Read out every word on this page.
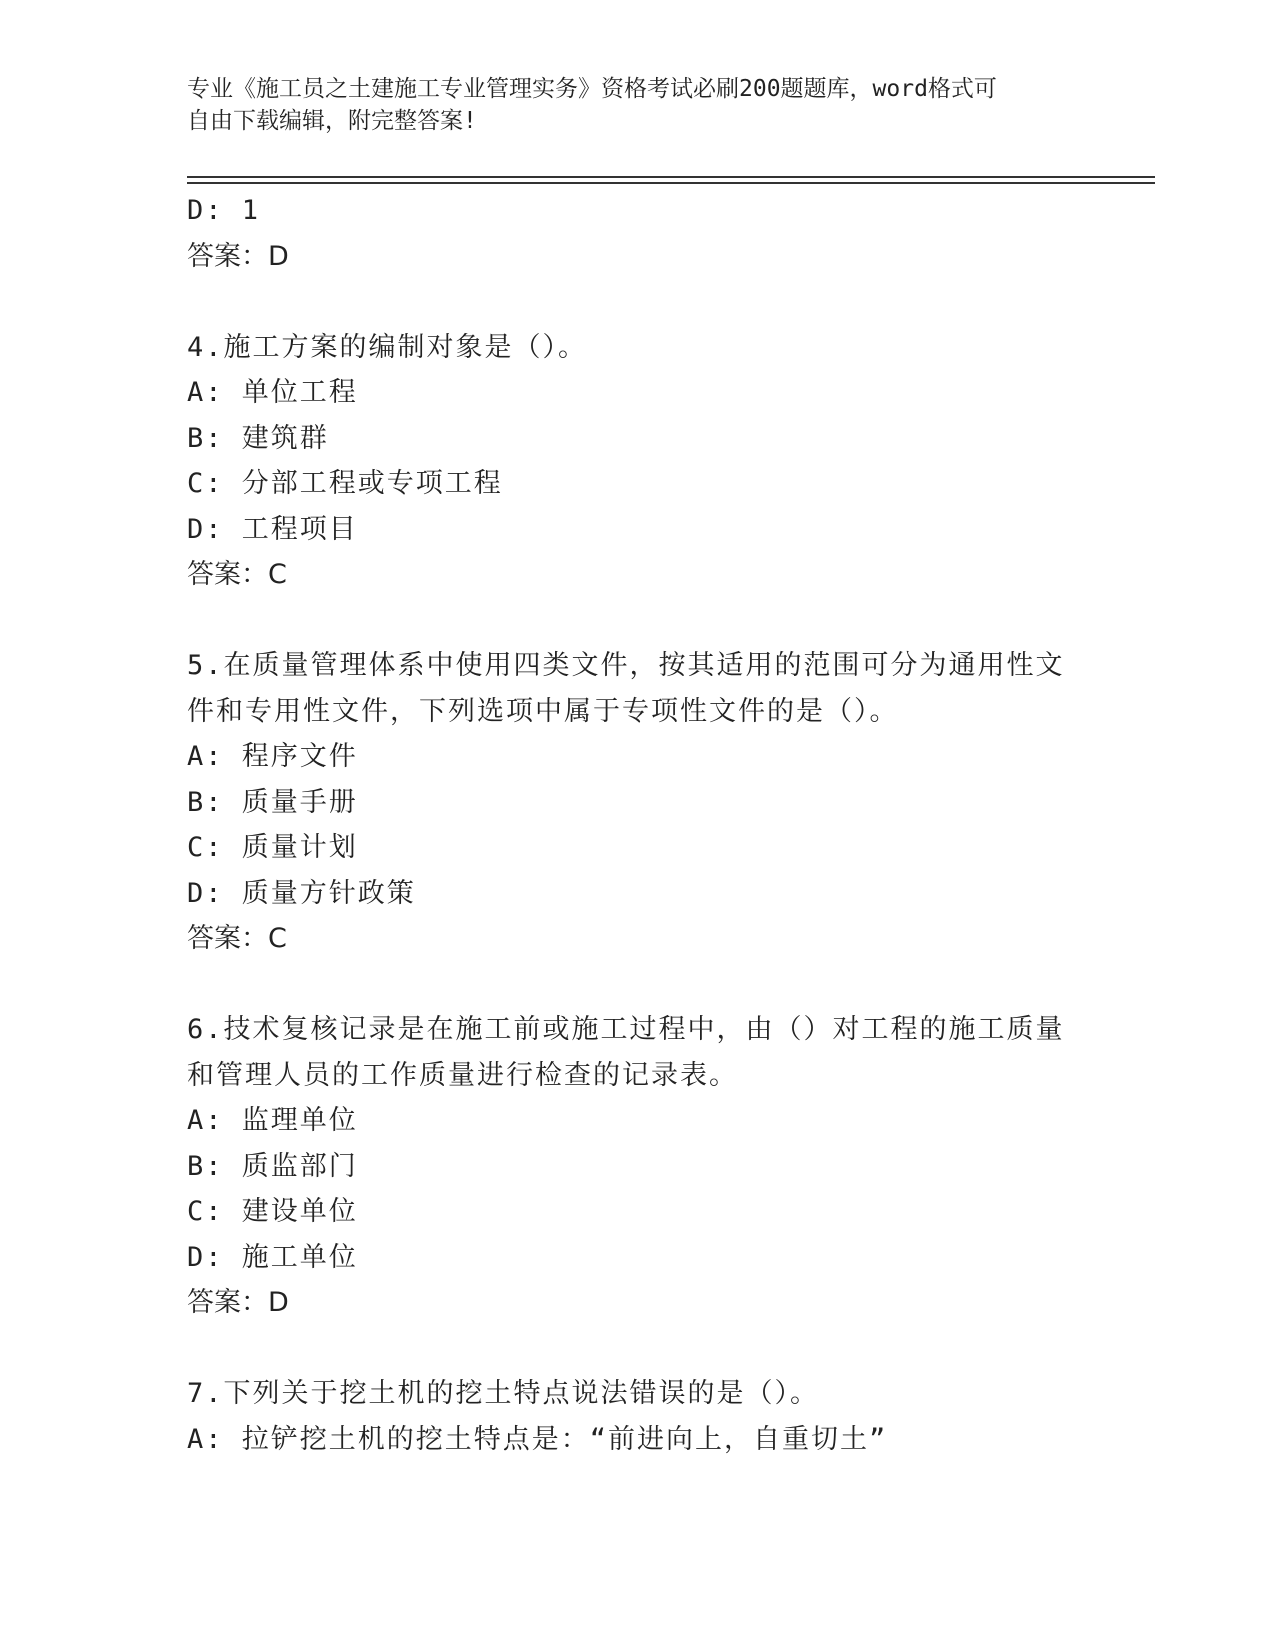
专业《施工员之土建施工专业管理实务》资格考试必刷200题题库，word格式可
自由下载编辑，附完整答案!
D: 1
答案：D
4.施工方案的编制对象是（）。
A: 单位工程
B: 建筑群
C: 分部工程或专项工程
D: 工程项目
答案：C
5.在质量管理体系中使用四类文件，按其适用的范围可分为通用性文
件和专用性文件，下列选项中属于专项性文件的是（）。
A: 程序文件
B: 质量手册
C: 质量计划
D: 质量方针政策
答案：C
6.技术复核记录是在施工前或施工过程中，由（）对工程的施工质量
和管理人员的工作质量进行检查的记录表。
A: 监理单位
B: 质监部门
C: 建设单位
D: 施工单位
答案：D
7.下列关于挖土机的挖土特点说法错误的是（）。
A: 拉铲挖土机的挖土特点是：“前进向上，自重切土”
